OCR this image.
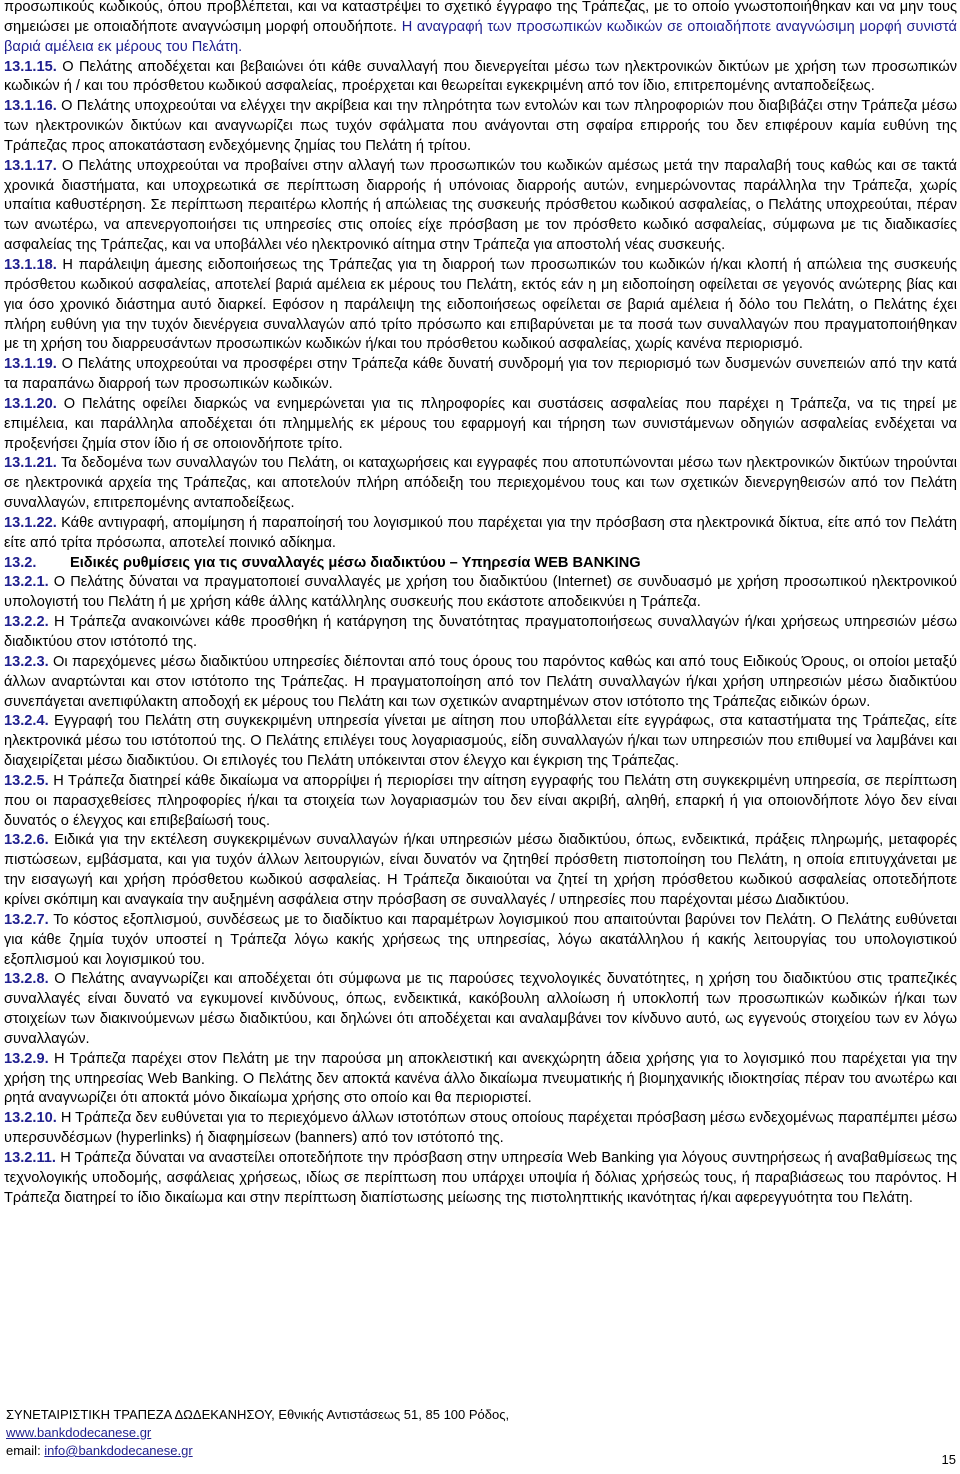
προσωπικούς κωδικούς, όπου προβλέπεται, και να καταστρέψει το σχετικό έγγραφο της Τράπεζας, με το οποίο γνωστοποιήθηκαν και να μην τους σημειώσει με οποιαδήποτε αναγνώσιμη μορφή οπουδήποτε. Η αναγραφή των προσωπικών κωδικών σε οποιαδήποτε αναγνώσιμη μορφή συνιστά βαριά αμέλεια εκ μέρους του Πελάτη.

13.1.15. Ο Πελάτης αποδέχεται και βεβαιώνει ότι κάθε συναλλαγή που διενεργείται μέσω των ηλεκτρονικών δικτύων με χρήση των προσωπικών κωδικών ή / και του πρόσθετου κωδικού ασφαλείας, προέρχεται και θεωρείται εγκεκριμένη από τον ίδιο, επιτρεπομένης ανταποδείξεως.

13.1.16. Ο Πελάτης υποχρεούται να ελέγχει την ακρίβεια και την πληρότητα των εντολών και των πληροφοριών που διαβιβάζει στην Τράπεζα μέσω των ηλεκτρονικών δικτύων και αναγνωρίζει πως τυχόν σφάλματα που ανάγονται στη σφαίρα επιρροής του δεν επιφέρουν καμία ευθύνη της Τράπεζας προς αποκατάσταση ενδεχόμενης ζημίας του Πελάτη ή τρίτου.

13.1.17. Ο Πελάτης υποχρεούται να προβαίνει στην αλλαγή των προσωπικών του κωδικών αμέσως μετά την παραλαβή τους καθώς και σε τακτά χρονικά διαστήματα, και υποχρεωτικά σε περίπτωση διαρροής ή υπόνοιας διαρροής αυτών, ενημερώνοντας παράλληλα την Τράπεζα, χωρίς υπαίτια καθυστέρηση. Σε περίπτωση περαιτέρω κλοπής ή απώλειας της συσκευής πρόσθετου κωδικού ασφαλείας, ο Πελάτης υποχρεούται, πέραν των ανωτέρω, να απενεργοποιήσει τις υπηρεσίες στις οποίες είχε πρόσβαση με τον πρόσθετο κωδικό ασφαλείας, σύμφωνα με τις διαδικασίες ασφαλείας της Τράπεζας, και να υποβάλλει νέο ηλεκτρονικό αίτημα στην Τράπεζα για αποστολή νέας συσκευής.

13.1.18. Η παράλειψη άμεσης ειδοποιήσεως της Τράπεζας για τη διαρροή των προσωπικών του κωδικών ή/και κλοπή ή απώλεια της συσκευής πρόσθετου κωδικού ασφαλείας, αποτελεί βαριά αμέλεια εκ μέρους του Πελάτη, εκτός εάν η μη ειδοποίηση οφείλεται σε γεγονός ανώτερης βίας και για όσο χρονικό διάστημα αυτό διαρκεί. Εφόσον η παράλειψη της ειδοποιήσεως οφείλεται σε βαριά αμέλεια ή δόλο του Πελάτη, ο Πελάτης έχει πλήρη ευθύνη για την τυχόν διενέργεια συναλλαγών από τρίτο πρόσωπο και επιβαρύνεται με τα ποσά των συναλλαγών που πραγματοποιήθηκαν με τη χρήση του διαρρευσάντων προσωπικών κωδικών ή/και του πρόσθετου κωδικού ασφαλείας, χωρίς κανένα περιορισμό.

13.1.19. Ο Πελάτης υποχρεούται να προσφέρει στην Τράπεζα κάθε δυνατή συνδρομή για τον περιορισμό των δυσμενών συνεπειών από την κατά τα παραπάνω διαρροή των προσωπικών κωδικών.

13.1.20. Ο Πελάτης οφείλει διαρκώς να ενημερώνεται για τις πληροφορίες και συστάσεις ασφαλείας που παρέχει η Τράπεζα, να τις τηρεί με επιμέλεια, και παράλληλα αποδέχεται ότι πλημμελής εκ μέρους του εφαρμογή και τήρηση των συνιστάμενων οδηγιών ασφαλείας ενδέχεται να προξενήσει ζημία στον ίδιο ή σε οποιονδήποτε τρίτο.

13.1.21. Τα δεδομένα των συναλλαγών του Πελάτη, οι καταχωρήσεις και εγγραφές που αποτυπώνονται μέσω των ηλεκτρονικών δικτύων τηρούνται σε ηλεκτρονικά αρχεία της Τράπεζας, και αποτελούν πλήρη απόδειξη του περιεχομένου τους και των σχετικών διενεργηθεισών από τον Πελάτη συναλλαγών, επιτρεπομένης ανταποδείξεως.

13.1.22. Κάθε αντιγραφή, απομίμηση ή παραποίησή του λογισμικού που παρέχεται για την πρόσβαση στα ηλεκτρονικά δίκτυα, είτε από τον Πελάτη είτε από τρίτα πρόσωπα, αποτελεί ποινικό αδίκημα.

13.2. Ειδικές ρυθμίσεις για τις συναλλαγές μέσω διαδικτύου – Υπηρεσία WEB BANKING

13.2.1. Ο Πελάτης δύναται να πραγματοποιεί συναλλαγές με χρήση του διαδικτύου (Internet) σε συνδυασμό με χρήση προσωπικού ηλεκτρονικού υπολογιστή του Πελάτη ή με χρήση κάθε άλλης κατάλληλης συσκευής που εκάστοτε αποδεικνύει η Τράπεζα.

13.2.2. Η Τράπεζα ανακοινώνει κάθε προσθήκη ή κατάργηση της δυνατότητας πραγματοποιήσεως συναλλαγών ή/και χρήσεως υπηρεσιών μέσω διαδικτύου στον ιστότοπό της.

13.2.3. Οι παρεχόμενες μέσω διαδικτύου υπηρεσίες διέπονται από τους όρους του παρόντος καθώς και από τους Ειδικούς Όρους, οι οποίοι μεταξύ άλλων αναρτώνται και στον ιστότοπο της Τράπεζας. Η πραγματοποίηση από τον Πελάτη συναλλαγών ή/και χρήση υπηρεσιών μέσω διαδικτύου συνεπάγεται ανεπιφύλακτη αποδοχή εκ μέρους του Πελάτη και των σχετικών αναρτημένων στον ιστότοπο της Τράπεζας ειδικών όρων.

13.2.4. Εγγραφή του Πελάτη στη συγκεκριμένη υπηρεσία γίνεται με αίτηση που υποβάλλεται είτε εγγράφως, στα καταστήματα της Τράπεζας, είτε ηλεκτρονικά μέσω του ιστότοπού της. Ο Πελάτης επιλέγει τους λογαριασμούς, είδη συναλλαγών ή/και των υπηρεσιών που επιθυμεί να λαμβάνει και διαχειρίζεται μέσω διαδικτύου. Οι επιλογές του Πελάτη υπόκεινται στον έλεγχο και έγκριση της Τράπεζας.

13.2.5. Η Τράπεζα διατηρεί κάθε δικαίωμα να απορρίψει ή περιορίσει την αίτηση εγγραφής του Πελάτη στη συγκεκριμένη υπηρεσία, σε περίπτωση που οι παρασχεθείσες πληροφορίες ή/και τα στοιχεία των λογαριασμών του δεν είναι ακριβή, αληθή, επαρκή ή για οποιονδήποτε λόγο δεν είναι δυνατός ο έλεγχος και επιβεβαίωσή τους.

13.2.6. Ειδικά για την εκτέλεση συγκεκριμένων συναλλαγών ή/και υπηρεσιών μέσω διαδικτύου, όπως, ενδεικτικά, πράξεις πληρωμής, μεταφορές πιστώσεων, εμβάσματα, και για τυχόν άλλων λειτουργιών, είναι δυνατόν να ζητηθεί πρόσθετη πιστοποίηση του Πελάτη, η οποία επιτυγχάνεται με την εισαγωγή και χρήση πρόσθετου κωδικού ασφαλείας. Η Τράπεζα δικαιούται να ζητεί τη χρήση πρόσθετου κωδικού ασφαλείας οποτεδήποτε κρίνει σκόπιμη και αναγκαία την αυξημένη ασφάλεια στην πρόσβαση σε συναλλαγές / υπηρεσίες που παρέχονται μέσω Διαδικτύου.

13.2.7. Το κόστος εξοπλισμού, συνδέσεως με το διαδίκτυο και παραμέτρων λογισμικού που απαιτούνται βαρύνει τον Πελάτη. Ο Πελάτης ευθύνεται για κάθε ζημία τυχόν υποστεί η Τράπεζα λόγω κακής χρήσεως της υπηρεσίας, λόγω ακατάλληλου ή κακής λειτουργίας του υπολογιστικού εξοπλισμού και λογισμικού του.

13.2.8. Ο Πελάτης αναγνωρίζει και αποδέχεται ότι σύμφωνα με τις παρούσες τεχνολογικές δυνατότητες, η χρήση του διαδικτύου στις τραπεζικές συναλλαγές είναι δυνατό να εγκυμονεί κινδύνους, όπως, ενδεικτικά, κακόβουλη αλλοίωση ή υποκλοπή των προσωπικών κωδικών ή/και των στοιχείων των διακινούμενων μέσω διαδικτύου, και δηλώνει ότι αποδέχεται και αναλαμβάνει τον κίνδυνο αυτό, ως εγγενούς στοιχείου των εν λόγω συναλλαγών.

13.2.9. Η Τράπεζα παρέχει στον Πελάτη με την παρούσα μη αποκλειστική και ανεκχώρητη άδεια χρήσης για το λογισμικό που παρέχεται για την χρήση της υπηρεσίας Web Banking. Ο Πελάτης δεν αποκτά κανένα άλλο δικαίωμα πνευματικής ή βιομηχανικής ιδιοκτησίας πέραν του ανωτέρω και ρητά αναγνωρίζει ότι αποκτά μόνο δικαίωμα χρήσης στο οποίο και θα περιοριστεί.

13.2.10. Η Τράπεζα δεν ευθύνεται για το περιεχόμενο άλλων ιστοτόπων στους οποίους παρέχεται πρόσβαση μέσω ενδεχομένως παραπέμπει μέσω υπερσυνδέσμων (hyperlinks) ή διαφημίσεων (banners) από τον ιστότοπό της.

13.2.11. Η Τράπεζα δύναται να αναστείλει οποτεδήποτε την πρόσβαση στην υπηρεσία Web Banking για λόγους συντηρήσεως ή αναβαθμίσεως της τεχνολογικής υποδομής, ασφάλειας χρήσεως, ιδίως σε περίπτωση που υπάρχει υποψία ή δόλιας χρήσεώς τους, ή παραβιάσεως του παρόντος. Η Τράπεζα διατηρεί το ίδιο δικαίωμα και στην περίπτωση διαπίστωσης μείωσης της πιστοληπτικής ικανότητας ή/και αφερεγγυότητα του Πελάτη.

ΣΥΝΕΤΑΙΡΙΣΤΙΚΗ ΤΡΑΠΕΖΑ ΔΩΔΕΚΑΝΗΣΟΥ, Εθνικής Αντιστάσεως 51, 85 100 Ρόδος,
www.bankdodecanese.gr
email: info@bankdodecanese.gr
15
